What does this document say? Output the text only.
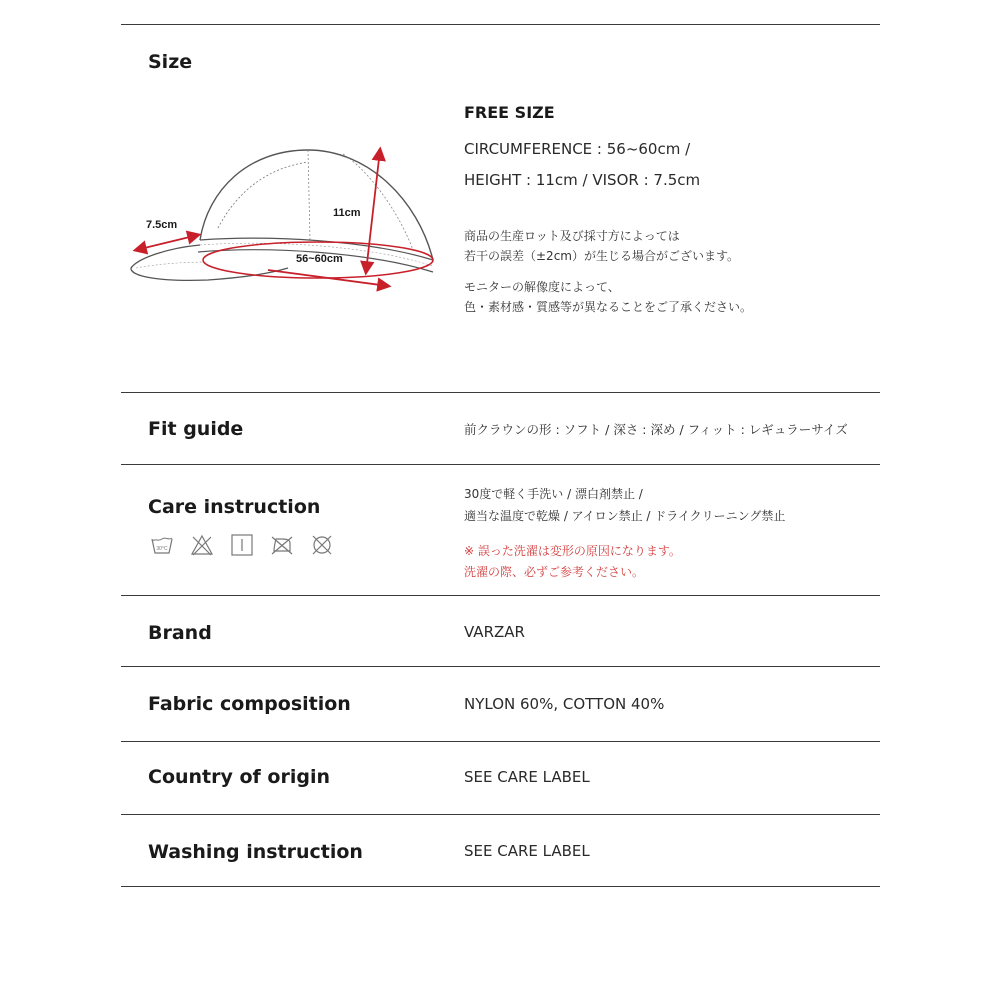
Size
7.5cm
11cm
56~60cm
FREE SIZE
CIRCUMFERENCE : 56~60cm /
HEIGHT : 11cm / VISOR : 7.5cm
商品の生産ロット及び採寸方によっては
若干の誤差（±2cm）が生じる場合がございます。
モニターの解像度によって、
色・素材感・質感等が異なることをご了承ください。
Fit guide	前クラウンの形 : ソフト / 深さ : 深め / フィット : レギュラーサイズ
Care instruction
30度で軽く手洗い / 漂白剤禁止 /
適当な温度で乾燥 / アイロン禁止 / ドライクリーニング禁止
※ 誤った洗濯は変形の原因になります。
洗濯の際、必ずご参考ください。
30°C
Brand	VARZAR
Fabric composition	NYLON 60%, COTTON 40%
Country of origin	SEE CARE LABEL
Washing instruction	SEE CARE LABEL
